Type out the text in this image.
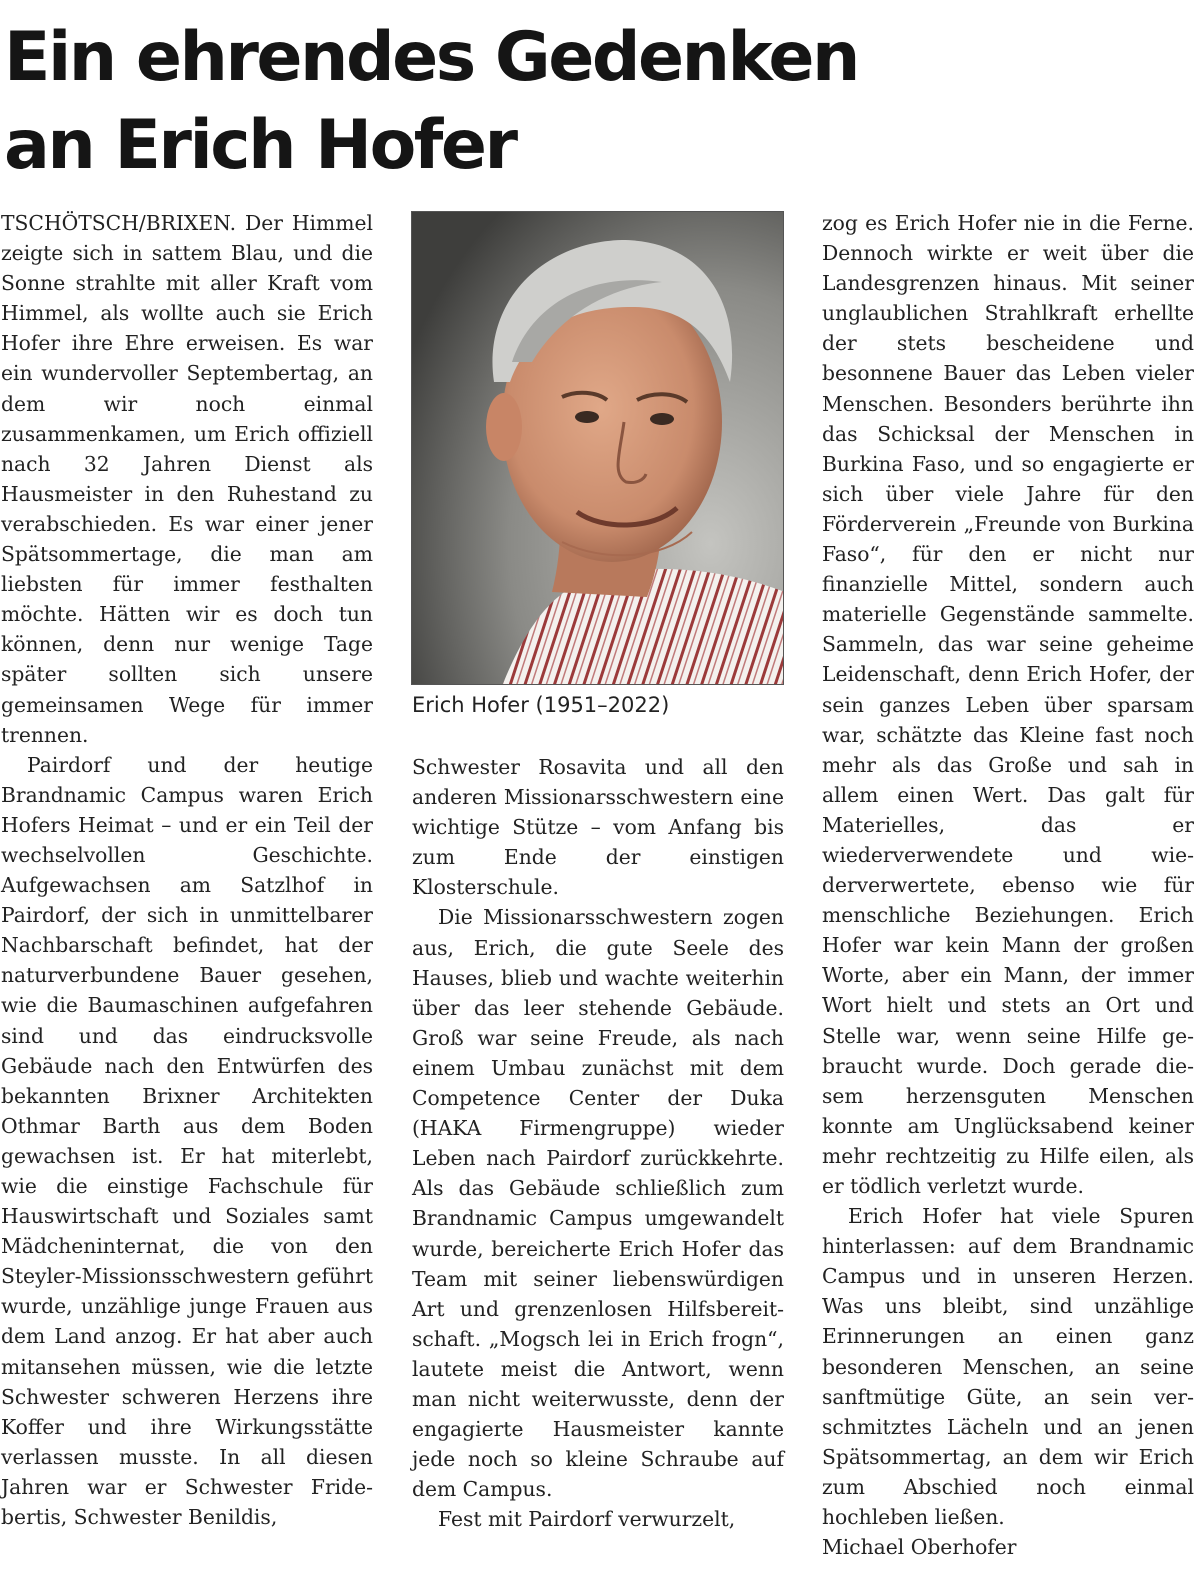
Ein ehrendes Gedenken
an Erich Hofer

TSCHÖTSCH/BRIXEN. Der Himmel zeigte sich in sattem Blau, und die Sonne strahlte mit aller Kraft vom Himmel, als wollte auch sie Erich Hofer ihre Ehre erweisen. Es war ein wundervoller Septembertag, an dem wir noch einmal zusammenkamen, um Erich offiziell nach 32 Jahren Dienst als Hausmeister in den Ruhestand zu verabschieden. Es war einer jener Spätsommertage, die man am liebsten für immer festhalten möchte. Hätten wir es doch tun können, denn nur wenige Tage später sollten sich unsere gemeinsamen Wege für immer trennen.

Pairdorf und der heutige Brandnamic Campus waren Erich Hofers Heimat – und er ein Teil der wechselvollen Geschichte. Aufgewachsen am Satzlhof in Pairdorf, der sich in unmittelbarer Nachbarschaft befindet, hat der naturverbundene Bauer gesehen, wie die Baumaschinen aufgefahren sind und das eindrucksvolle Gebäude nach den Entwürfen des bekannten Brixner Architekten Othmar Barth aus dem Boden gewachsen ist. Er hat miterlebt, wie die einstige Fachschule für Hauswirtschaft und Soziales samt Mädcheninternat, die von den Steyler-Missionsschwestern geführt wurde, unzählige junge Frauen aus dem Land anzog. Er hat aber auch mitansehen müssen, wie die letzte Schwester schweren Herzens ihre Koffer und ihre Wirkungsstätte verlassen musste. In all diesen Jahren war er Schwester Fridebertis, Schwester Benildis,

Erich Hofer (1951–2022)

Schwester Rosavita und all den anderen Missionarsschwestern eine wichtige Stütze – vom Anfang bis zum Ende der einstigen Klosterschule.

Die Missionarsschwestern zogen aus, Erich, die gute Seele des Hauses, blieb und wachte weiterhin über das leer stehende Gebäude. Groß war seine Freude, als nach einem Umbau zunächst mit dem Competence Center der Duka (HAKA Firmengruppe) wieder Leben nach Pairdorf zurückkehrte. Als das Gebäude schließlich zum Brandnamic Campus umgewandelt wurde, bereicherte Erich Hofer das Team mit seiner liebenswürdigen Art und grenzenlosen Hilfsbereitschaft. „Mogsch lei in Erich frogn“, lautete meist die Antwort, wenn man nicht weiterwusste, denn der engagierte Hausmeister kannte jede noch so kleine Schraube auf dem Campus.

Fest mit Pairdorf verwurzelt,

zog es Erich Hofer nie in die Ferne. Dennoch wirkte er weit über die Landesgrenzen hinaus. Mit seiner unglaublichen Strahlkraft erhellte der stets bescheidene und besonnene Bauer das Leben vieler Menschen. Besonders berührte ihn das Schicksal der Menschen in Burkina Faso, und so engagierte er sich über viele Jahre für den Förderverein „Freunde von Burkina Faso“, für den er nicht nur finanzielle Mittel, sondern auch materielle Gegenstände sammelte. Sammeln, das war seine geheime Leidenschaft, denn Erich Hofer, der sein ganzes Leben über sparsam war, schätzte das Kleine fast noch mehr als das Große und sah in allem einen Wert. Das galt für Materielles, das er wiederverwendete und wiederverwertete, ebenso wie für menschliche Beziehungen. Erich Hofer war kein Mann der großen Worte, aber ein Mann, der immer Wort hielt und stets an Ort und Stelle war, wenn seine Hilfe gebraucht wurde. Doch gerade diesem herzensguten Menschen konnte am Unglücksabend keiner mehr rechtzeitig zu Hilfe eilen, als er tödlich verletzt wurde.

Erich Hofer hat viele Spuren hinterlassen: auf dem Brandnamic Campus und in unseren Herzen. Was uns bleibt, sind unzählige Erinnerungen an einen ganz besonderen Menschen, an seine sanftmütige Güte, an sein verschmitztes Lächeln und an jenen Spätsommertag, an dem wir Erich zum Abschied noch einmal hochleben ließen.

Michael Oberhofer
